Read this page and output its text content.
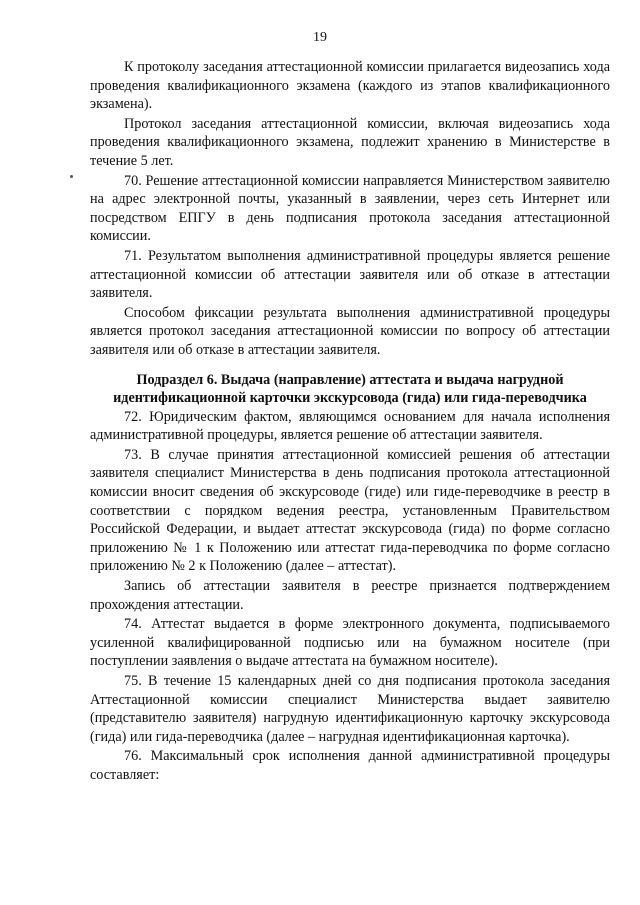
19

К протоколу заседания аттестационной комиссии прилагается видеозапись хода проведения квалификационного экзамена (каждого из этапов квалификационного экзамена).

Протокол заседания аттестационной комиссии, включая видеозапись хода проведения квалификационного экзамена, подлежит хранению в Министерстве в течение 5 лет.

70. Решение аттестационной комиссии направляется Министерством заявителю на адрес электронной почты, указанный в заявлении, через сеть Интернет или посредством ЕПГУ в день подписания протокола заседания аттестационной комиссии.

71. Результатом выполнения административной процедуры является решение аттестационной комиссии об аттестации заявителя или об отказе в аттестации заявителя.

Способом фиксации результата выполнения административной процедуры является протокол заседания аттестационной комиссии по вопросу об аттестации заявителя или об отказе в аттестации заявителя.

Подраздел 6. Выдача (направление) аттестата и выдача нагрудной идентификационной карточки экскурсовода (гида) или гида-переводчика

72. Юридическим фактом, являющимся основанием для начала исполнения административной процедуры, является решение об аттестации заявителя.

73. В случае принятия аттестационной комиссией решения об аттестации заявителя специалист Министерства в день подписания протокола аттестационной комиссии вносит сведения об экскурсоводе (гиде) или гиде-переводчике в реестр в соответствии с порядком ведения реестра, установленным Правительством Российской Федерации, и выдает аттестат экскурсовода (гида) по форме согласно приложению № 1 к Положению или аттестат гида-переводчика по форме согласно приложению № 2 к Положению (далее – аттестат).

Запись об аттестации заявителя в реестре признается подтверждением прохождения аттестации.

74. Аттестат выдается в форме электронного документа, подписываемого усиленной квалифицированной подписью или на бумажном носителе (при поступлении заявления о выдаче аттестата на бумажном носителе).

75. В течение 15 календарных дней со дня подписания протокола заседания Аттестационной комиссии специалист Министерства выдает заявителю (представителю заявителя) нагрудную идентификационную карточку экскурсовода (гида) или гида-переводчика (далее – нагрудная идентификационная карточка).

76. Максимальный срок исполнения данной административной процедуры составляет:
